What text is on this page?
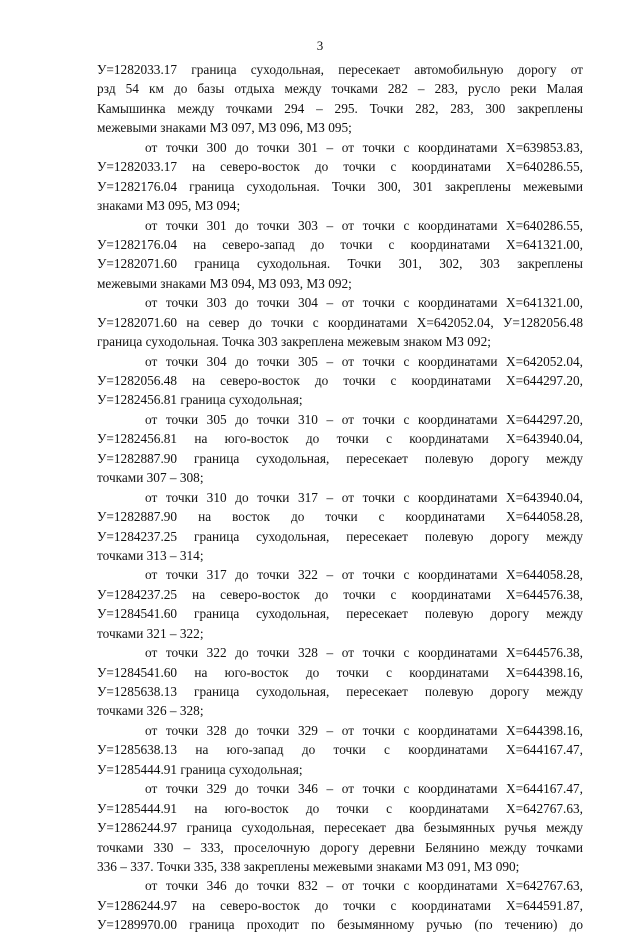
3
У=1282033.17 граница суходольная, пересекает автомобильную дорогу от
рзд 54 км до базы отдыха между точками 282 – 283, русло реки Малая
Камышинка между точками 294 – 295. Точки 282, 283, 300 закреплены
межевыми знаками МЗ 097, МЗ 096, МЗ 095;
от точки 300 до точки 301 – от точки с координатами Х=639853.83,
У=1282033.17 на северо-восток до точки с координатами Х=640286.55,
У=1282176.04 граница суходольная. Точки 300, 301 закреплены межевыми
знаками МЗ 095, МЗ 094;
от точки 301 до точки 303 – от точки с координатами Х=640286.55,
У=1282176.04 на северо-запад до точки с координатами Х=641321.00,
У=1282071.60 граница суходольная. Точки 301, 302, 303 закреплены
межевыми знаками МЗ 094, МЗ 093, МЗ 092;
от точки 303 до точки 304 – от точки с координатами Х=641321.00,
У=1282071.60 на север до точки с координатами Х=642052.04, У=1282056.48
граница суходольная. Точка 303 закреплена межевым знаком МЗ 092;
от точки 304 до точки 305 – от точки с координатами Х=642052.04,
У=1282056.48 на северо-восток до точки с координатами Х=644297.20,
У=1282456.81 граница суходольная;
от точки 305 до точки 310 – от точки с координатами Х=644297.20,
У=1282456.81 на юго-восток до точки с координатами Х=643940.04,
У=1282887.90 граница суходольная, пересекает полевую дорогу между
точками 307 – 308;
от точки 310 до точки 317 – от точки с координатами Х=643940.04,
У=1282887.90 на восток до точки с координатами Х=644058.28,
У=1284237.25 граница суходольная, пересекает полевую дорогу между
точками 313 – 314;
от точки 317 до точки 322 – от точки с координатами Х=644058.28,
У=1284237.25 на северо-восток до точки с координатами Х=644576.38,
У=1284541.60 граница суходольная, пересекает полевую дорогу между
точками 321 – 322;
от точки 322 до точки 328 – от точки с координатами Х=644576.38,
У=1284541.60 на юго-восток до точки с координатами Х=644398.16,
У=1285638.13 граница суходольная, пересекает полевую дорогу между
точками 326 – 328;
от точки 328 до точки 329 – от точки с координатами Х=644398.16,
У=1285638.13 на юго-запад до точки с координатами Х=644167.47,
У=1285444.91 граница суходольная;
от точки 329 до точки 346 – от точки с координатами Х=644167.47,
У=1285444.91 на юго-восток до точки с координатами Х=642767.63,
У=1286244.97 граница суходольная, пересекает два безымянных ручья между
точками 330 – 333, проселочную дорогу деревни Белянино между точками
336 – 337. Точки 335, 338 закреплены межевыми знаками МЗ 091, МЗ 090;
от точки 346 до точки 832 – от точки с координатами Х=642767.63,
У=1286244.97 на северо-восток до точки с координатами Х=644591.87,
У=1289970.00 граница проходит по безымянному ручью (по течению) до
